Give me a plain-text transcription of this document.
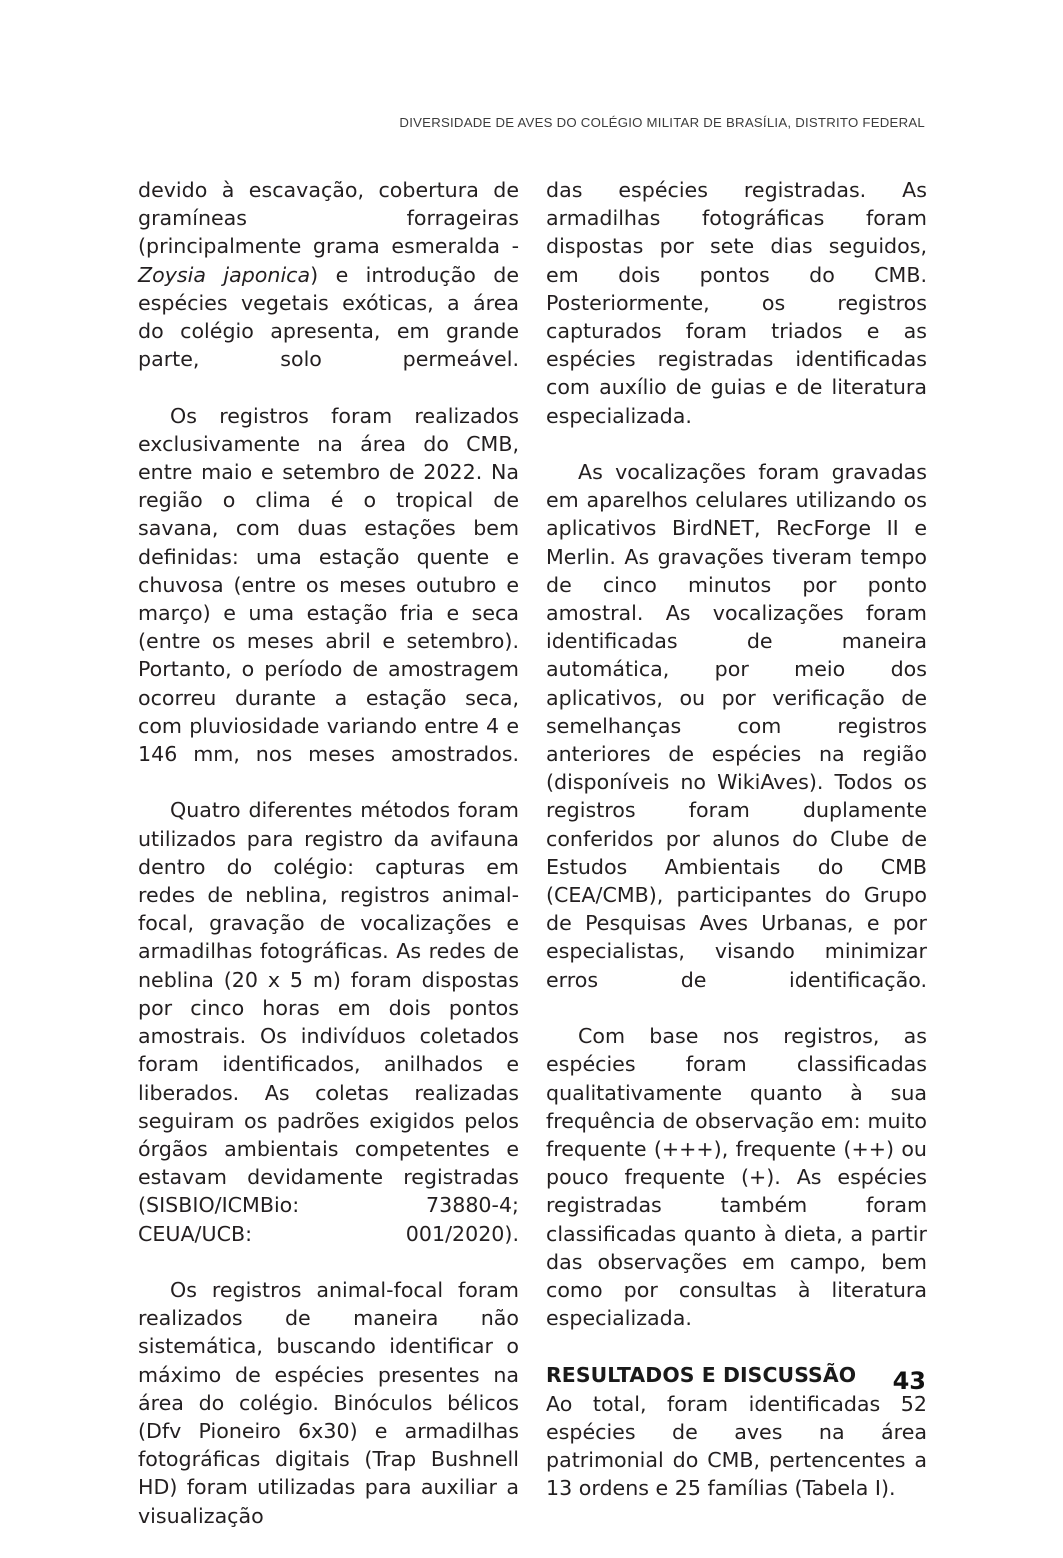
DIVERSIDADE DE AVES DO COLÉGIO MILITAR DE BRASÍLIA, DISTRITO FEDERAL

devido à escavação, cobertura de gramíneas forrageiras (principalmente grama esmeralda - Zoysia japonica) e introdução de espécies vegetais exóticas, a área do colégio apresenta, em grande parte, solo permeável.

Os registros foram realizados exclusivamente na área do CMB, entre maio e setembro de 2022. Na região o clima é o tropical de savana, com duas estações bem definidas: uma estação quente e chuvosa (entre os meses outubro e março) e uma estação fria e seca (entre os meses abril e setembro). Portanto, o período de amostragem ocorreu durante a estação seca, com pluviosidade variando entre 4 e 146 mm, nos meses amostrados.

Quatro diferentes métodos foram utilizados para registro da avifauna dentro do colégio: capturas em redes de neblina, registros animal-focal, gravação de vocalizações e armadilhas fotográficas. As redes de neblina (20 x 5 m) foram dispostas por cinco horas em dois pontos amostrais. Os indivíduos coletados foram identificados, anilhados e liberados. As coletas realizadas seguiram os padrões exigidos pelos órgãos ambientais competentes e estavam devidamente registradas (SISBIO/ICMBio: 73880-4; CEUA/UCB: 001/2020).

Os registros animal-focal foram realizados de maneira não sistemática, buscando identificar o máximo de espécies presentes na área do colégio. Binóculos bélicos (Dfv Pioneiro 6x30) e armadilhas fotográficas digitais (Trap Bushnell HD) foram utilizadas para auxiliar a visualização

das espécies registradas. As armadilhas fotográficas foram dispostas por sete dias seguidos, em dois pontos do CMB. Posteriormente, os registros capturados foram triados e as espécies registradas identificadas com auxílio de guias e de literatura especializada.

As vocalizações foram gravadas em aparelhos celulares utilizando os aplicativos BirdNET, RecForge II e Merlin. As gravações tiveram tempo de cinco minutos por ponto amostral. As vocalizações foram identificadas de maneira automática, por meio dos aplicativos, ou por verificação de semelhanças com registros anteriores de espécies na região (disponíveis no WikiAves). Todos os registros foram duplamente conferidos por alunos do Clube de Estudos Ambientais do CMB (CEA/CMB), participantes do Grupo de Pesquisas Aves Urbanas, e por especialistas, visando minimizar erros de identificação.

Com base nos registros, as espécies foram classificadas qualitativamente quanto à sua frequência de observação em: muito frequente (+++), frequente (++) ou pouco frequente (+). As espécies registradas também foram classificadas quanto à dieta, a partir das observações em campo, bem como por consultas à literatura especializada.

RESULTADOS E DISCUSSÃO

Ao total, foram identificadas 52 espécies de aves na área patrimonial do CMB, pertencentes a 13 ordens e 25 famílias (Tabela I).

43
